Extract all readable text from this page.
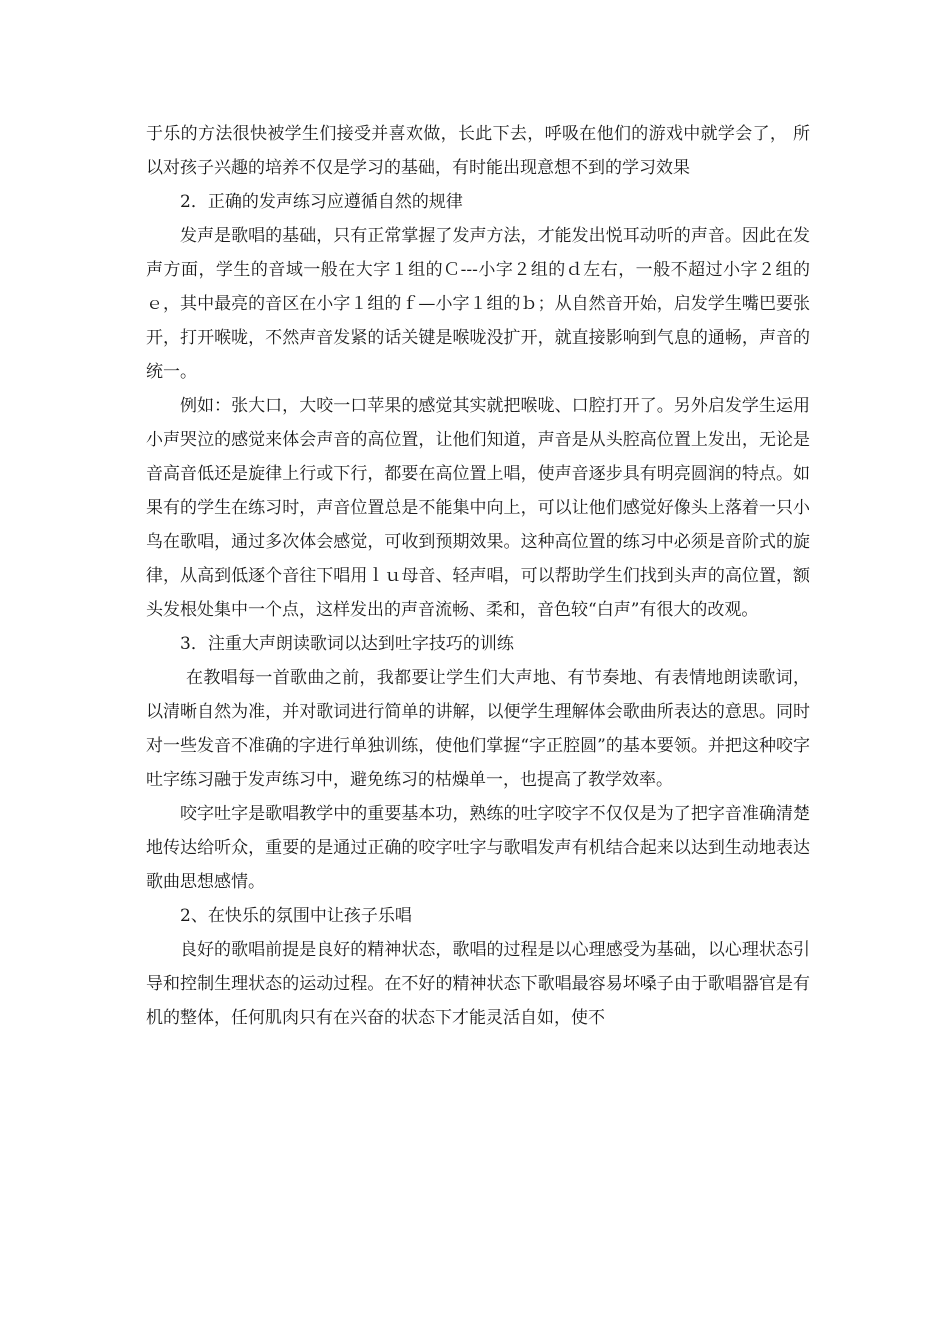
于乐的方法很快被学生们接受并喜欢做，长此下去，呼吸在他们的游戏中就学会了， 所以对孩子兴趣的培养不仅是学习的基础，有时能出现意想不到的学习效果

2．正确的发声练习应遵循自然的规律

发声是歌唱的基础，只有正常掌握了发声方法，才能发出悦耳动听的声音。因此在发声方面，学生的音域一般在大字１组的Ｃ---小字２组的ｄ左右，一般不超过小字２组的ｅ，其中最亮的音区在小字１组的ｆ—小字１组的ｂ；从自然音开始，启发学生嘴巴要张开，打开喉咙，不然声音发紧的话关键是喉咙没扩开，就直接影响到气息的通畅，声音的统一。

例如：张大口，大咬一口苹果的感觉其实就把喉咙、口腔打开了。另外启发学生运用小声哭泣的感觉来体会声音的高位置，让他们知道，声音是从头腔高位置上发出，无论是音高音低还是旋律上行或下行，都要在高位置上唱，使声音逐步具有明亮圆润的特点。如果有的学生在练习时，声音位置总是不能集中向上，可以让他们感觉好像头上落着一只小鸟在歌唱，通过多次体会感觉，可收到预期效果。这种高位置的练习中必须是音阶式的旋律，从高到低逐个音往下唱用ｌｕ母音、轻声唱，可以帮助学生们找到头声的高位置，额头发根处集中一个点，这样发出的声音流畅、柔和，音色较“白声”有很大的改观。

3．注重大声朗读歌词以达到吐字技巧的训练

在教唱每一首歌曲之前，我都要让学生们大声地、有节奏地、有表情地朗读歌词，以清晰自然为准，并对歌词进行简单的讲解，以便学生理解体会歌曲所表达的意思。同时对一些发音不准确的字进行单独训练，使他们掌握“字正腔圆”的基本要领。并把这种咬字吐字练习融于发声练习中，避免练习的枯燥单一，也提高了教学效率。

咬字吐字是歌唱教学中的重要基本功，熟练的吐字咬字不仅仅是为了把字音准确清楚地传达给听众，重要的是通过正确的咬字吐字与歌唱发声有机结合起来以达到生动地表达歌曲思想感情。

2、在快乐的氛围中让孩子乐唱

良好的歌唱前提是良好的精神状态，歌唱的过程是以心理感受为基础，以心理状态引导和控制生理状态的运动过程。在不好的精神状态下歌唱最容易坏嗓子由于歌唱器官是有机的整体，任何肌肉只有在兴奋的状态下才能灵活自如，使不
